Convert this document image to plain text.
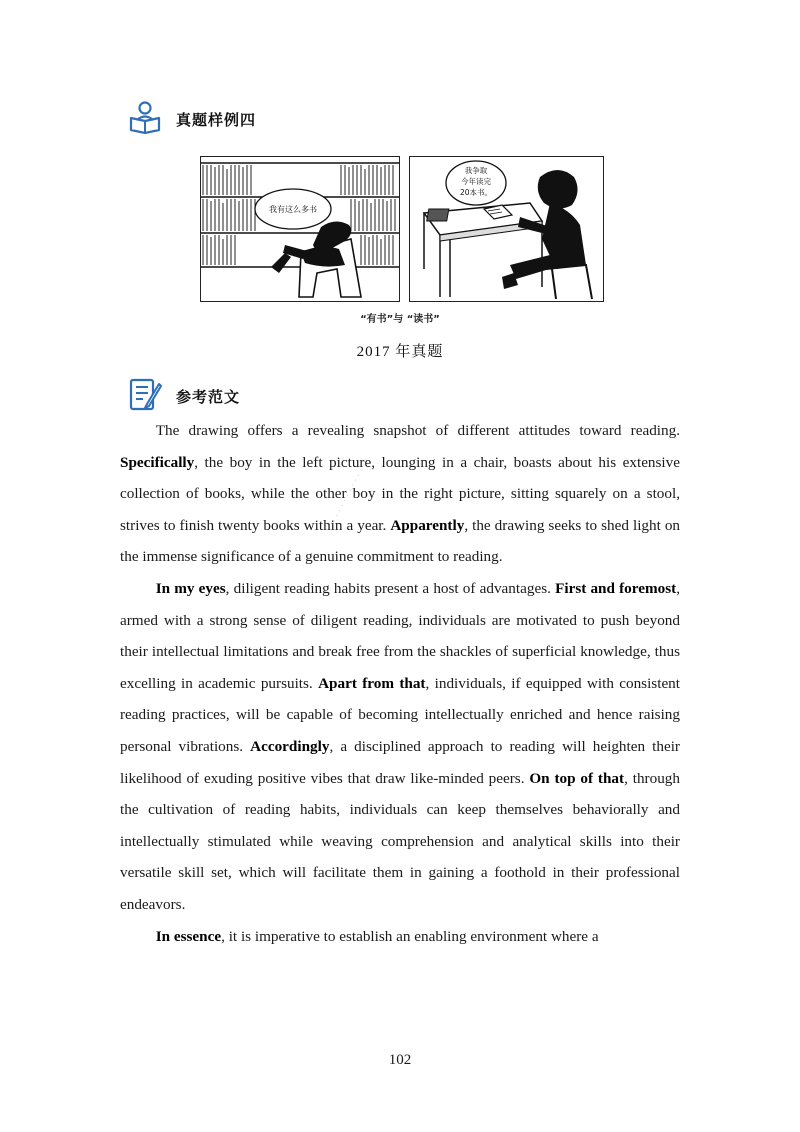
真题样例四
我有这么多书
我争取
今年读完
20本书。
“有书”与 “读书”
2017 年真题
参考范文

The drawing offers a revealing snapshot of different attitudes toward reading. Specifically, the boy in the left picture, lounging in a chair, boasts about his extensive collection of books, while the other boy in the right picture, sitting squarely on a stool, strives to finish twenty books within a year. Apparently, the drawing seeks to shed light on the immense significance of a genuine commitment to reading.

In my eyes, diligent reading habits present a host of advantages. First and foremost, armed with a strong sense of diligent reading, individuals are motivated to push beyond their intellectual limitations and break free from the shackles of superficial knowledge, thus excelling in academic pursuits. Apart from that, individuals, if equipped with consistent reading practices, will be capable of becoming intellectually enriched and hence raising personal vibrations. Accordingly, a disciplined approach to reading will heighten their likelihood of exuding positive vibes that draw like-minded peers. On top of that, through the cultivation of reading habits, individuals can keep themselves behaviorally and intellectually stimulated while weaving comprehension and analytical skills into their versatile skill set, which will facilitate them in gaining a foothold in their professional endeavors.

In essence, it is imperative to establish an enabling environment where a

· · · · · · · · · · · · ·
102
